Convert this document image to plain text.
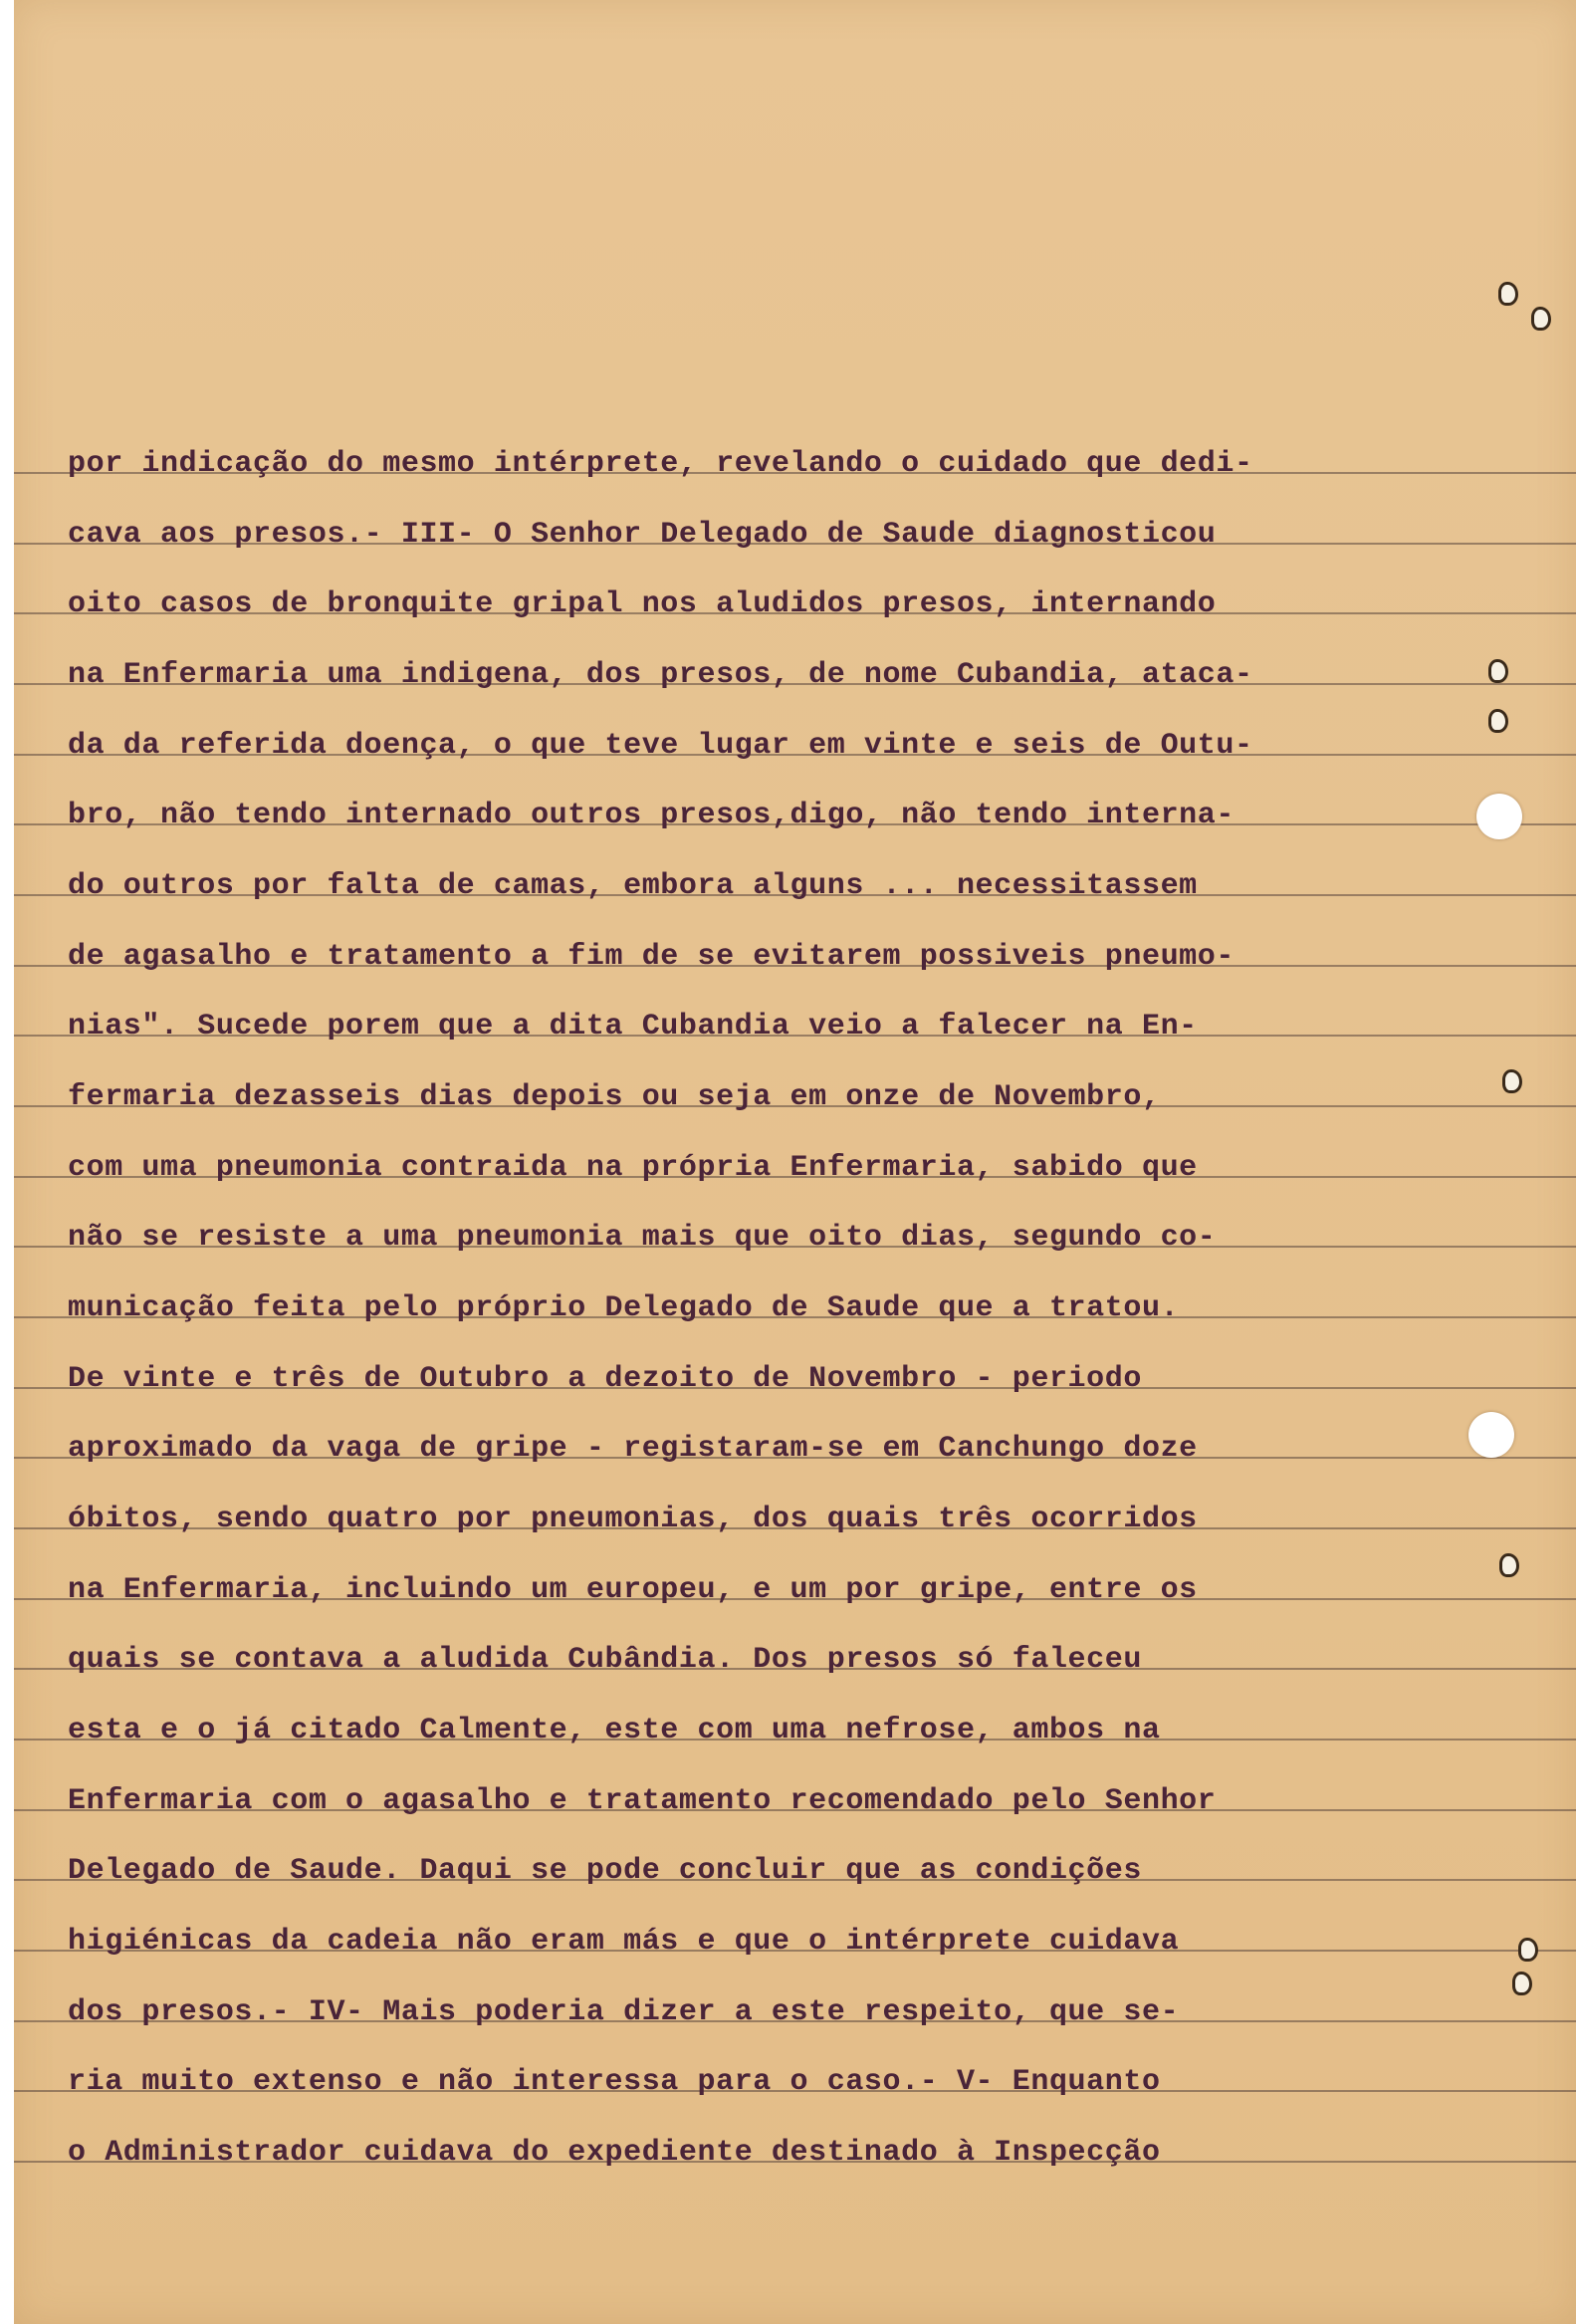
por indicação do mesmo intérprete, revelando o cuidado que dedi-

cava aos presos.- III- O Senhor Delegado de Saude diagnosticou

oito casos de bronquite gripal nos aludidos presos, internando

na Enfermaria uma indigena, dos presos, de nome Cubandia, ataca-

da da referida doença, o que teve lugar em vinte e seis de Outu-

bro, não tendo internado outros presos,digo, não tendo interna-

do outros por falta de camas, embora alguns ... necessitassem

de agasalho e tratamento a fim de se evitarem possiveis pneumo-

nias". Sucede porem que a dita Cubandia veio a falecer na En-

fermaria dezasseis dias depois ou seja em onze de Novembro,

com uma pneumonia contraida na própria Enfermaria, sabido que

não se resiste a uma pneumonia mais que oito dias, segundo co-

municação feita pelo próprio Delegado de Saude que a tratou.

De vinte e três de Outubro a dezoito de Novembro - periodo

aproximado da vaga de gripe - registaram-se em Canchungo doze

óbitos, sendo quatro por pneumonias, dos quais três ocorridos

na Enfermaria, incluindo um europeu, e um por gripe, entre os

quais se contava a aludida Cubândia. Dos presos só faleceu

esta e o já citado Calmente, este com uma nefrose, ambos na

Enfermaria com o agasalho e tratamento recomendado pelo Senhor

Delegado de Saude. Daqui se pode concluir que as condições

higiénicas da cadeia não eram más e que o intérprete cuidava

dos presos.- IV- Mais poderia dizer a este respeito, que se-

ria muito extenso e não interessa para o caso.- V- Enquanto

o Administrador cuidava do expediente destinado à Inspecção
